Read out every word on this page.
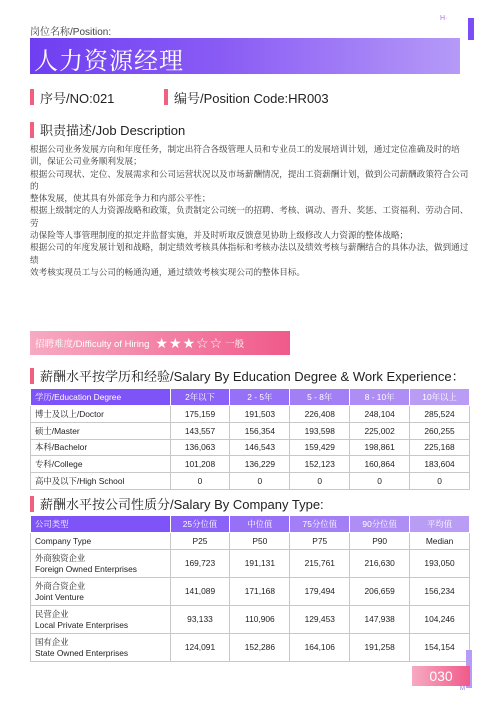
岗位名称/Position:
H·
人力资源经理
序号/NO:021	编号/Position Code:HR003
职责描述/Job Description

根据公司业务发展方向和年度任务，制定出符合各级管理人员和专业员工的发展培训计划，通过定位准确及时的培

训，保证公司业务顺利发展；

根据公司现状、定位、发展需求和公司运营状况以及市场薪酬情况，提出工资薪酬计划，做到公司薪酬政策符合公司的

整体发展，使其具有外部竞争力和内部公平性；

根据上级制定的人力资源战略和政策，负责制定公司统一的招聘、考核、调动、晋升、奖惩、工资福利、劳动合同、劳

动保险等人事管理制度的拟定并监督实施，并及时听取反馈意见协助上级修改人力资源的整体战略；

根据公司的年度发展计划和战略，制定绩效考核具体指标和考核办法以及绩效考核与薪酬结合的具体办法，做到通过绩

效考核实现员工与公司的畅通沟通，通过绩效考核实现公司的整体目标。

招聘难度/Difficulty of Hiring ★★★☆☆ 一般
薪酬水平按学历和经验/Salary By Education Degree & Work Experience：
学历/Education Degree	2年以下	2 - 5年	5 - 8年	8 - 10年	10年以上
博士及以上/Doctor	175,159	191,503	226,408	248,104	285,524
硕士/Master	143,557	156,354	193,598	225,002	260,255
本科/Bachelor	136,063	146,543	159,429	198,861	225,168
专科/College	101,208	136,229	152,123	160,864	183,604
高中及以下/High School	0	0	0	0	0
薪酬水平按公司性质分/Salary By Company Type:
公司类型	25分位值	中位值	75分位值	90分位值	平均值
Company Type	P25	P50	P75	P90	Median
外商独资企业
Foreign Owned Enterprises	169,723	191,131	215,761	216,630	193,050
外商合资企业
Joint Venture	141,089	171,168	179,494	206,659	156,234
民营企业
Local Private Enterprises	93,133	110,906	129,453	147,938	104,246
国有企业
State Owned Enterprises	124,091	152,286	164,106	191,258	154,154
030
M
